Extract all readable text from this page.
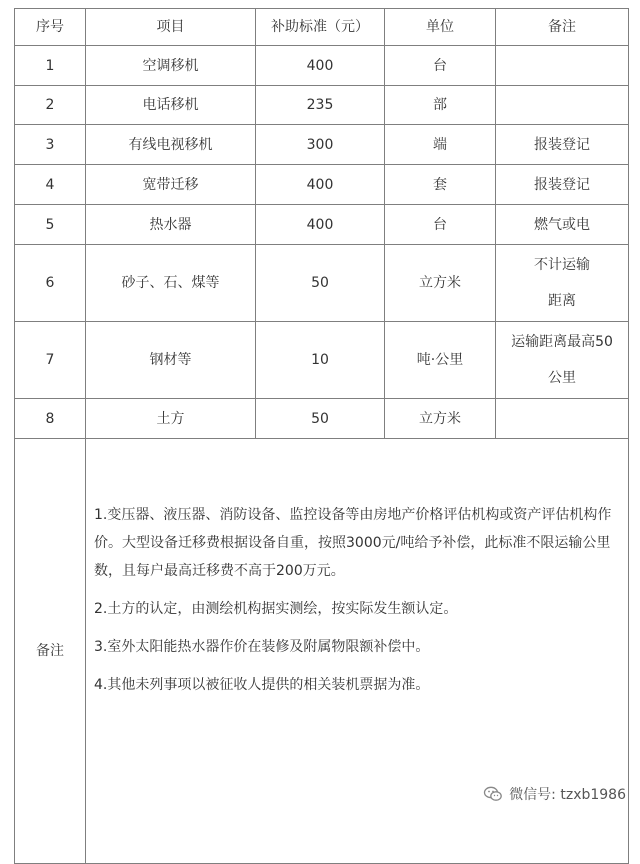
序号	项目	补助标准（元）	单位	备注
1	空调移机	400	台	
2	电话移机	235	部	
3	有线电视移机	300	端	报装登记
4	宽带迁移	400	套	报装登记
5	热水器	400	台	燃气或电
6	砂子、石、煤等	50	立方米	不计运输
距离
7	钢材等	10	吨·公里	运输距离最高50
公里
8	土方	50	立方米	
备注	1.变压器、液压器、消防设备、监控设备等由房地产价格评估机构或资产评估机构作价。大型设备迁移费根据设备自重，按照3000元/吨给予补偿，此标准不限运输公里数，且每户最高迁移费不高于200万元。

2.土方的认定，由测绘机构据实测绘，按实际发生额认定。

3.室外太阳能热水器作价在装修及附属物限额补偿中。

4.其他未列事项以被征收人提供的相关装机票据为准。			

微信号: tzxb1986
